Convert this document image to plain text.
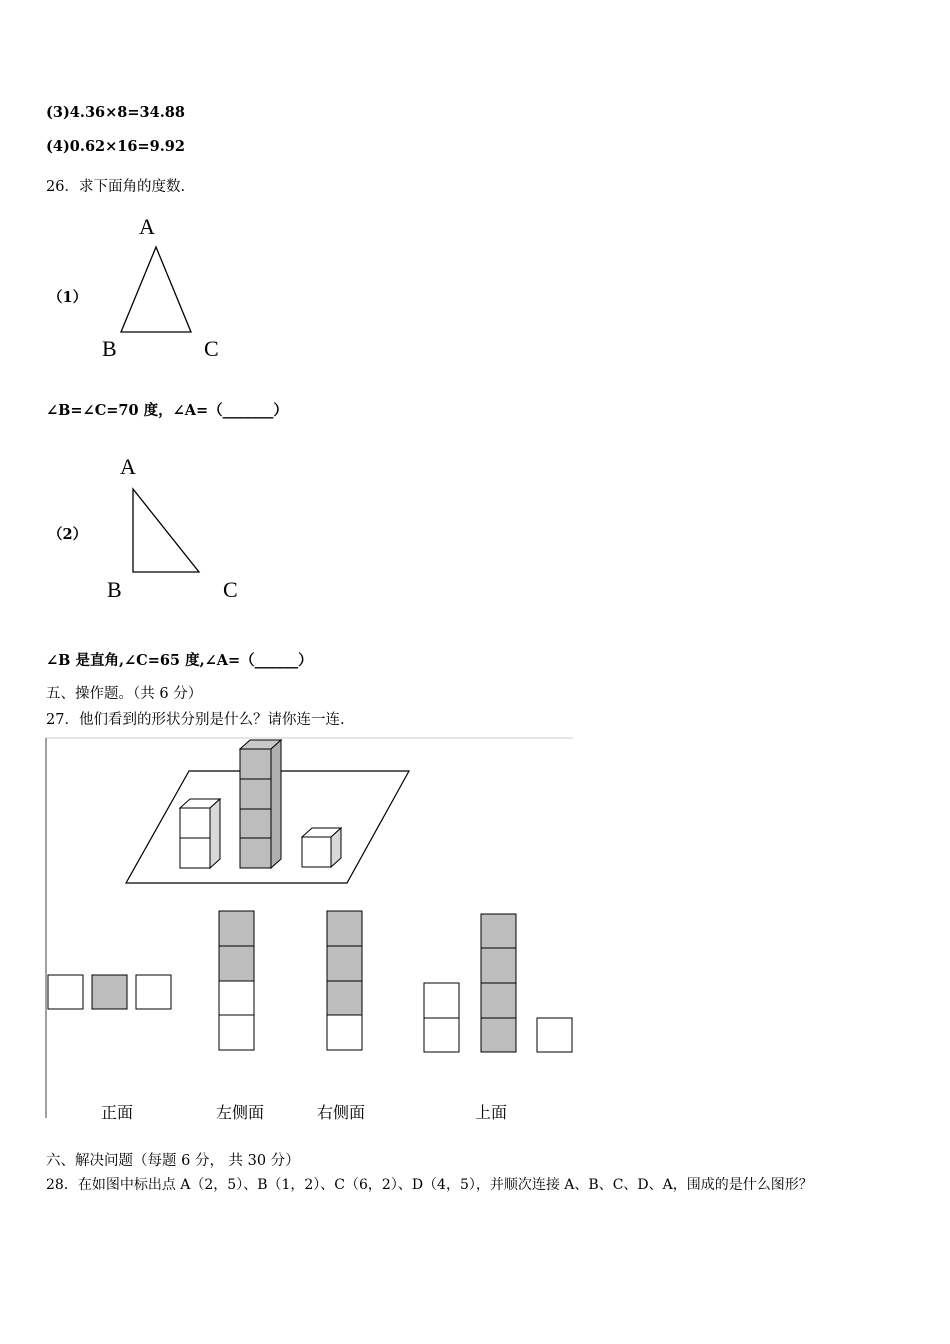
(3)4.36×8=34.88
(4)0.62×16=9.92
26．求下面角的度数.
（1）
∠B=∠C=70 度，∠A=（_______）
（2）
∠B 是直角,∠C=65 度,∠A=（______）
五、操作题。（共 6 分）
27．他们看到的形状分别是什么？请你连一连.
六、解决问题（每题 6 分， 共 30 分）
28．在如图中标出点 A（2，5）、B（1，2）、C（6，2）、D（4，5），并顺次连接 A、B、C、D、A，围成的是什么图形？
A
B	C
A
B	C
正面	左侧面	右侧面	上面
